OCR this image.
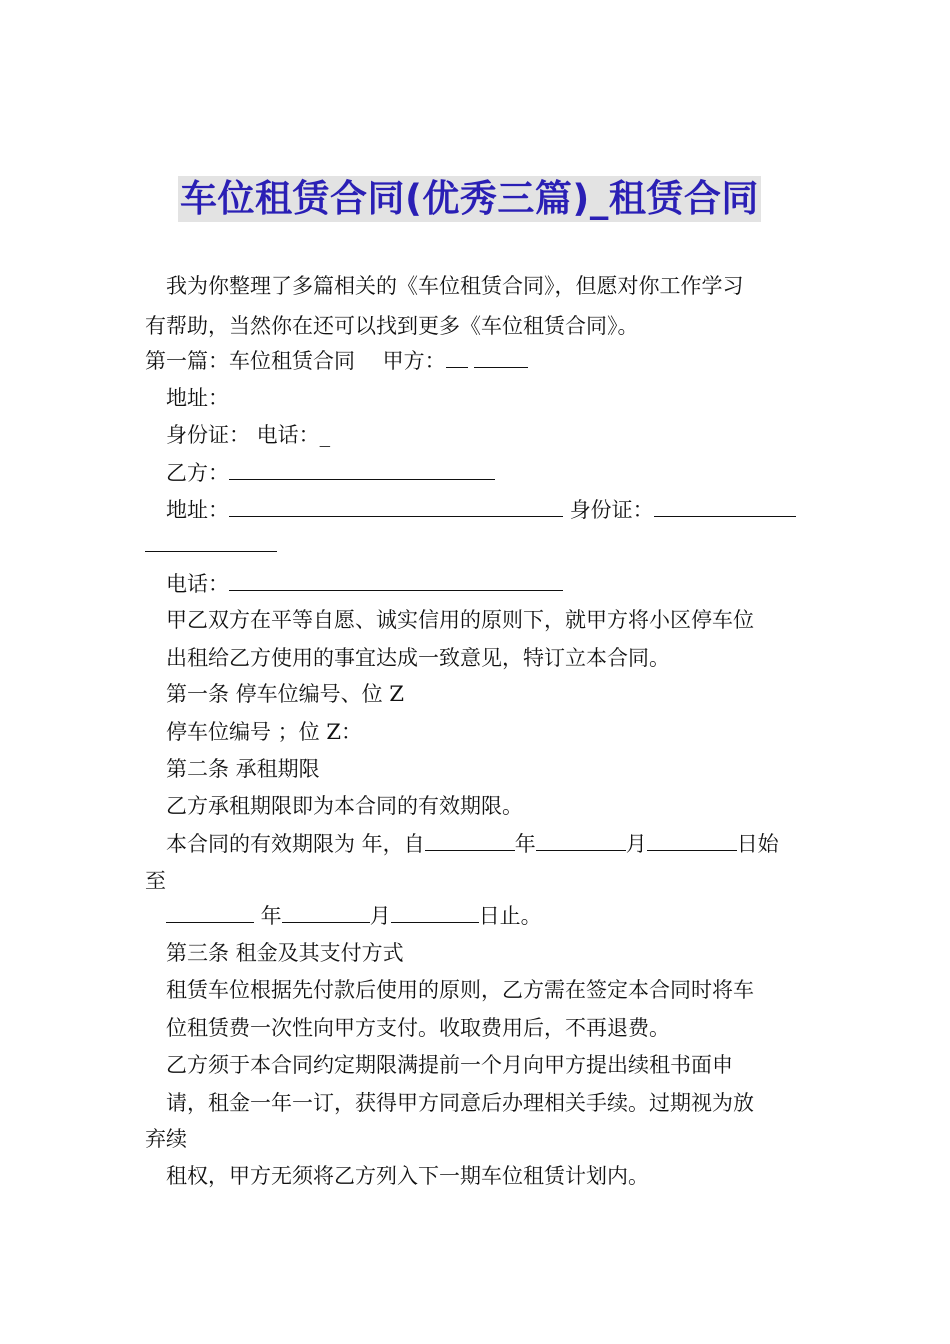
车位租赁合同(优秀三篇)_租赁合同
我为你整理了多篇相关的《车位租赁合同》，但愿对你工作学习
有帮助，当然你在还可以找到更多《车位租赁合同》。
第一篇：车位租赁合同　 甲方：
地址：
身份证： 电话：_
乙方：
地址：	身份证：
电话：
甲乙双方在平等自愿、诚实信用的原则下，就甲方将小区停车位
出租给乙方使用的事宜达成一致意见，特订立本合同。
第一条 停车位编号、位 Z
停车位编号 ；位 Z：
第二条 承租期限
乙方承租期限即为本合同的有效期限。
本合同的有效期限为 年，自	年	月	日始
至
年	月	日止。
第三条 租金及其支付方式
租赁车位根据先付款后使用的原则，乙方需在签定本合同时将车
位租赁费一次性向甲方支付。收取费用后，不再退费。
乙方须于本合同约定期限满提前一个月向甲方提出续租书面申
请，租金一年一订，获得甲方同意后办理相关手续。过期视为放
弃续
租权，甲方无须将乙方列入下一期车位租赁计划内。
